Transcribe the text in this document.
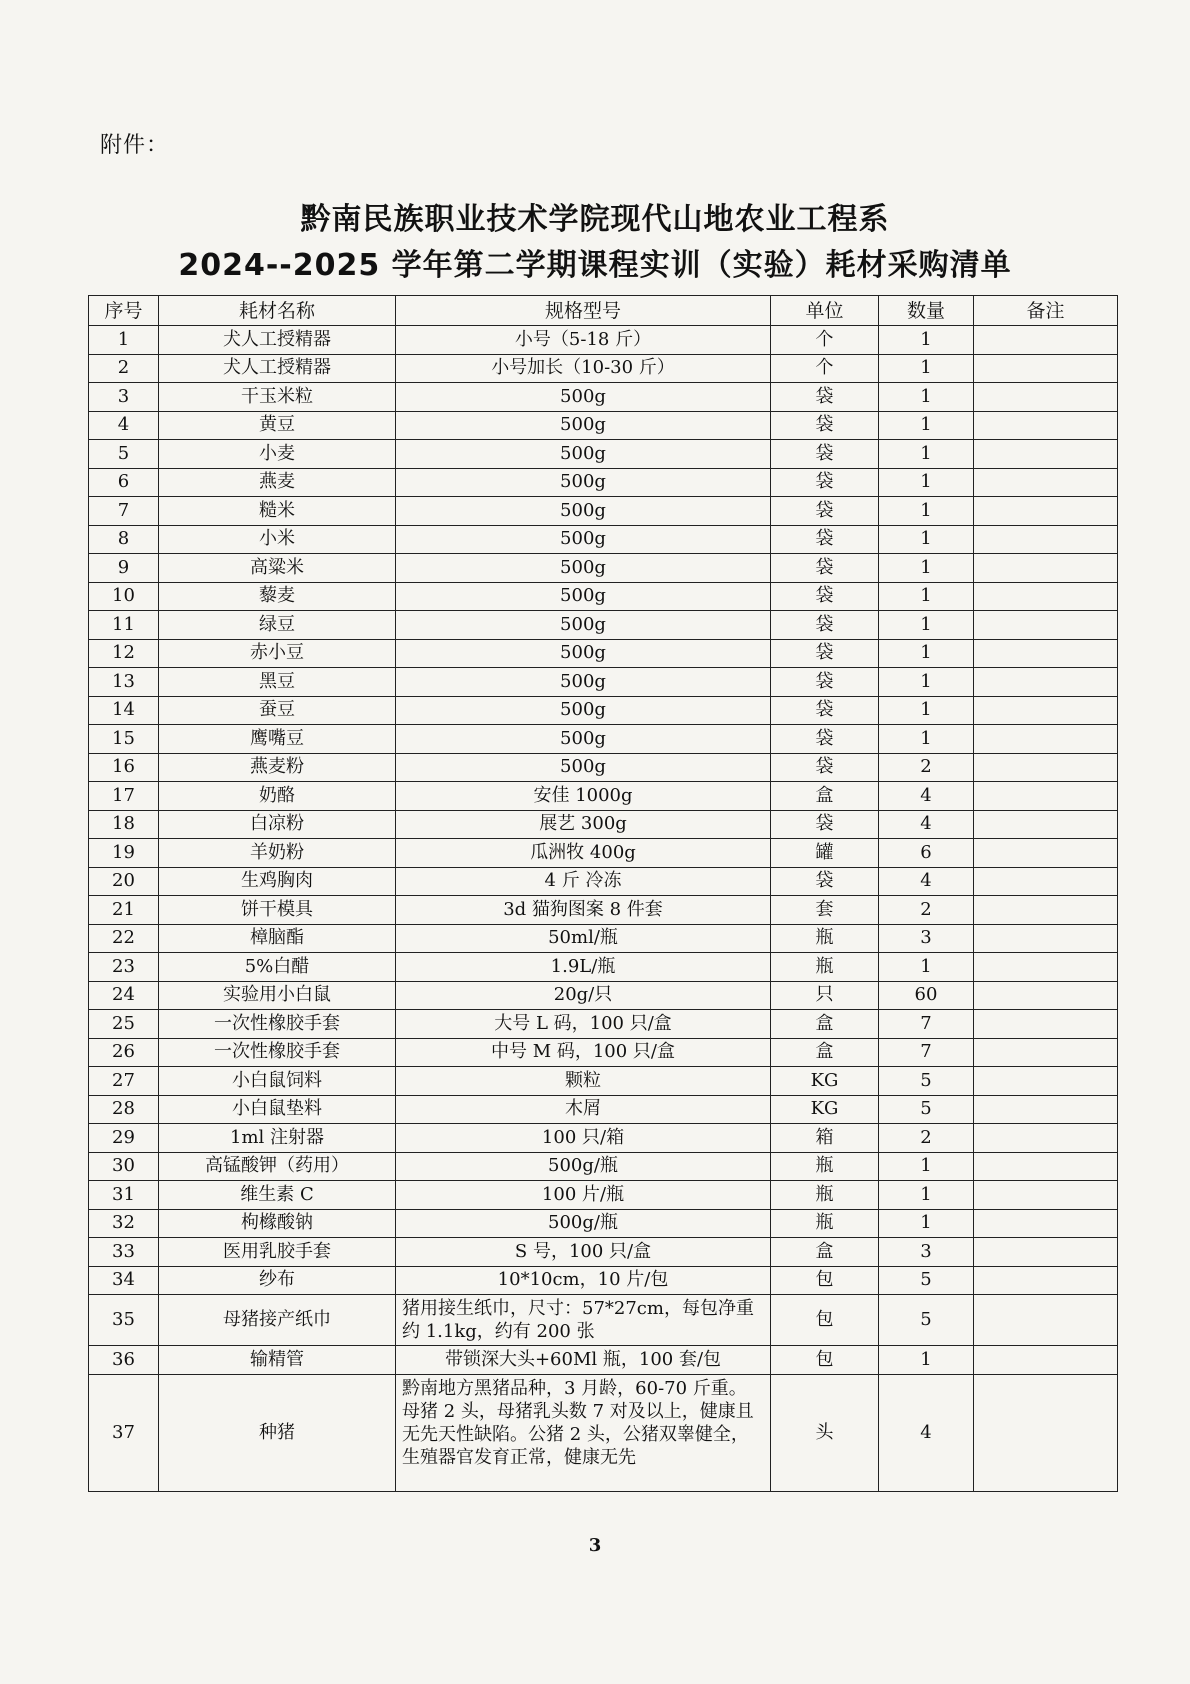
附件：
黔南民族职业技术学院现代山地农业工程系
2024--2025 学年第二学期课程实训（实验）耗材采购清单
序号	耗材名称	规格型号	单位	数量	备注
1	犬人工授精器	小号（5-18 斤）	个	1	
2	犬人工授精器	小号加长（10-30 斤）	个	1	
3	干玉米粒	500g	袋	1	
4	黄豆	500g	袋	1	
5	小麦	500g	袋	1	
6	燕麦	500g	袋	1	
7	糙米	500g	袋	1	
8	小米	500g	袋	1	
9	高粱米	500g	袋	1	
10	藜麦	500g	袋	1	
11	绿豆	500g	袋	1	
12	赤小豆	500g	袋	1	
13	黑豆	500g	袋	1	
14	蚕豆	500g	袋	1	
15	鹰嘴豆	500g	袋	1	
16	燕麦粉	500g	袋	2	
17	奶酪	安佳 1000g	盒	4	
18	白凉粉	展艺 300g	袋	4	
19	羊奶粉	瓜洲牧 400g	罐	6	
20	生鸡胸肉	4 斤 冷冻	袋	4	
21	饼干模具	3d 猫狗图案 8 件套	套	2	
22	樟脑酯	50ml/瓶	瓶	3	
23	5%白醋	1.9L/瓶	瓶	1	
24	实验用小白鼠	20g/只	只	60	
25	一次性橡胶手套	大号 L 码，100 只/盒	盒	7	
26	一次性橡胶手套	中号 M 码，100 只/盒	盒	7	
27	小白鼠饲料	颗粒	KG	5	
28	小白鼠垫料	木屑	KG	5	
29	1ml 注射器	100 只/箱	箱	2	
30	高锰酸钾（药用）	500g/瓶	瓶	1	
31	维生素 C	100 片/瓶	瓶	1	
32	枸橼酸钠	500g/瓶	瓶	1	
33	医用乳胶手套	S 号，100 只/盒	盒	3	
34	纱布	10*10cm，10 片/包	包	5	
35	母猪接产纸巾	猪用接生纸巾，尺寸：57*27cm，每包净重约 1.1kg，约有 200 张	包	5	
36	输精管	带锁深大头+60Ml 瓶，100 套/包	包	1	
37	种猪	黔南地方黑猪品种，3 月龄，60-70 斤重。母猪 2 头，母猪乳头数 7 对及以上，健康且无先天性缺陷。公猪 2 头，公猪双睾健全，生殖器官发育正常，健康无先	头	4	
3
